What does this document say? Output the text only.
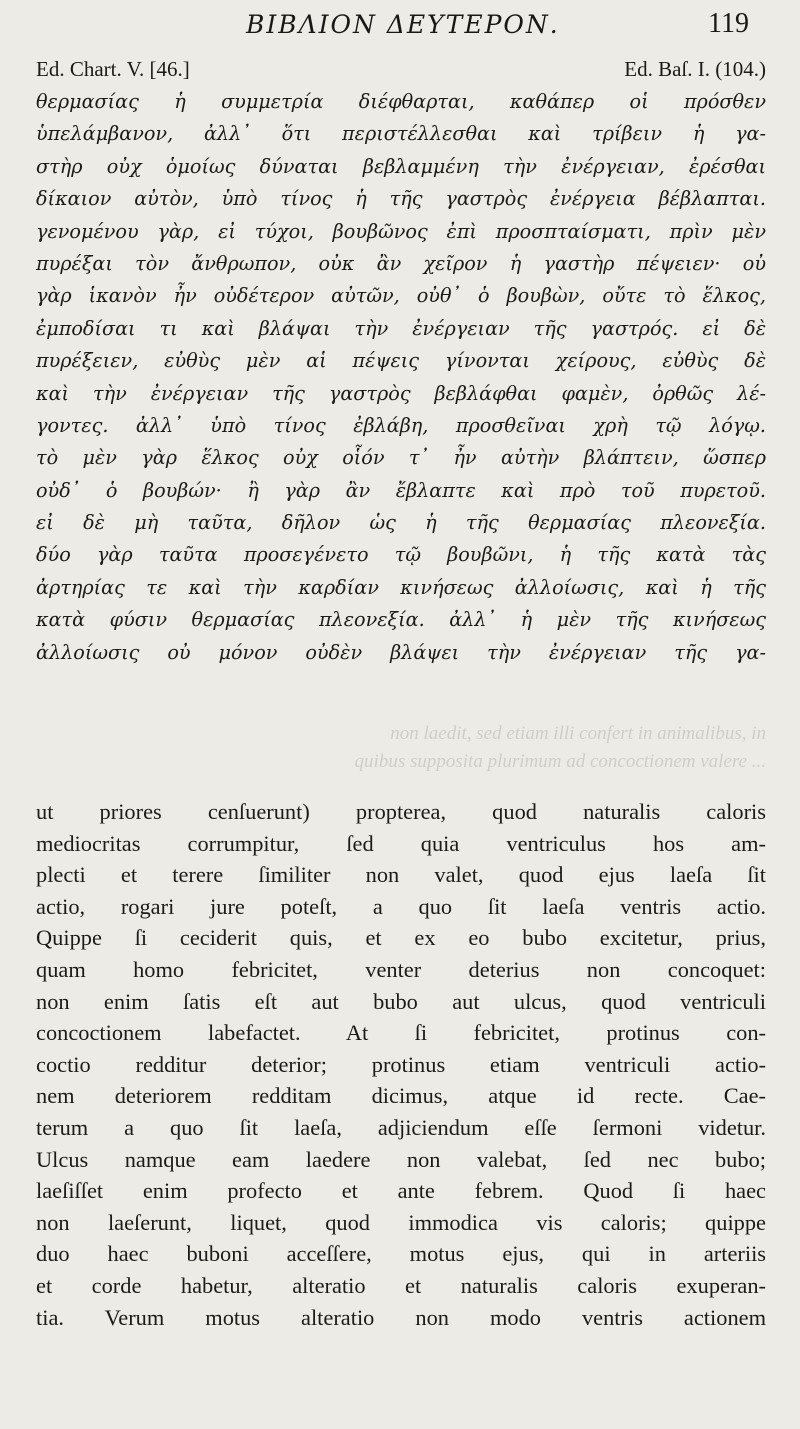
BIBΛΙΟΝ ΔΕΥΤΕΡΟΝ.	119
Ed. Chart. V. [46.]	Ed. Baſ. I. (104.)
θερμασίας ἡ συμμετρία διέφθαρται, καθάπερ οἱ πρόσθεν
ὑπελάμβανον, ἀλλ᾽ ὅτι περιστέλλεσθαι καὶ τρίβειν ἡ γα-
στὴρ οὐχ ὁμοίως δύναται βεβλαμμένη τὴν ἐνέργειαν, ἐρέσθαι
δίκαιον αὐτὸν, ὑπὸ τίνος ἡ τῆς γαστρὸς ἐνέργεια βέβλαπται.
γενομένου γὰρ, εἰ τύχοι, βουβῶνος ἐπὶ προσπταίσματι, πρὶν μὲν
πυρέξαι τὸν ἄνθρωπον, οὐκ ἂν χεῖρον ἡ γαστὴρ πέψειεν· οὐ
γὰρ ἱκανὸν ἦν οὐδέτερον αὐτῶν, οὐθ᾽ ὁ βουβὼν, οὔτε τὸ ἕλκος,
ἐμποδίσαι τι καὶ βλάψαι τὴν ἐνέργειαν τῆς γαστρός. εἰ δὲ
πυρέξειεν, εὐθὺς μὲν αἱ πέψεις γίνονται χείρους, εὐθὺς δὲ
καὶ τὴν ἐνέργειαν τῆς γαστρὸς βεβλάφθαι φαμὲν, ὀρθῶς λέ-
γοντες. ἀλλ᾽ ὑπὸ τίνος ἐβλάβη, προσθεῖναι χρὴ τῷ λόγῳ.
τὸ μὲν γὰρ ἕλκος οὐχ οἷόν τ᾽ ἦν αὐτὴν βλάπτειν, ὥσπερ
οὐδ᾽ ὁ βουβών· ἢ γὰρ ἂν ἔβλαπτε καὶ πρὸ τοῦ πυρετοῦ.
εἰ δὲ μὴ ταῦτα, δῆλον ὡς ἡ τῆς θερμασίας πλεονεξία.
δύο γὰρ ταῦτα προσεγένετο τῷ βουβῶνι, ἡ τῆς κατὰ τὰς
ἀρτηρίας τε καὶ τὴν καρδίαν κινήσεως ἀλλοίωσις, καὶ ἡ τῆς
κατὰ φύσιν θερμασίας πλεονεξία. ἀλλ᾽ ἡ μὲν τῆς κινήσεως
ἀλλοίωσις οὐ μόνον οὐδὲν βλάψει τὴν ἐνέργειαν τῆς γα-
non laedit, sed etiam illi confert in animalibus, in
quibus supposita plurimum ad concoctionem valere ...
ut priores cenſuerunt) propterea, quod naturalis caloris
mediocritas corrumpitur, ſed quia ventriculus hos am-
plecti et terere ſimiliter non valet, quod ejus laeſa ſit
actio, rogari jure poteſt, a quo ſit laeſa ventris actio.
Quippe ſi ceciderit quis, et ex eo bubo excitetur, prius,
quam homo febricitet, venter deterius non concoquet:
non enim ſatis eſt aut bubo aut ulcus, quod ventriculi
concoctionem labefactet. At ſi febricitet, protinus con-
coctio redditur deterior; protinus etiam ventriculi actio-
nem deteriorem redditam dicimus, atque id recte. Cae-
terum a quo ſit laeſa, adjiciendum eſſe ſermoni videtur.
Ulcus namque eam laedere non valebat, ſed nec bubo;
laeſiſſet enim profecto et ante febrem. Quod ſi haec
non laeſerunt, liquet, quod immodica vis caloris; quippe
duo haec buboni acceſſere, motus ejus, qui in arteriis
et corde habetur, alteratio et naturalis caloris exuperan-
tia. Verum motus alteratio non modo ventris actionem
